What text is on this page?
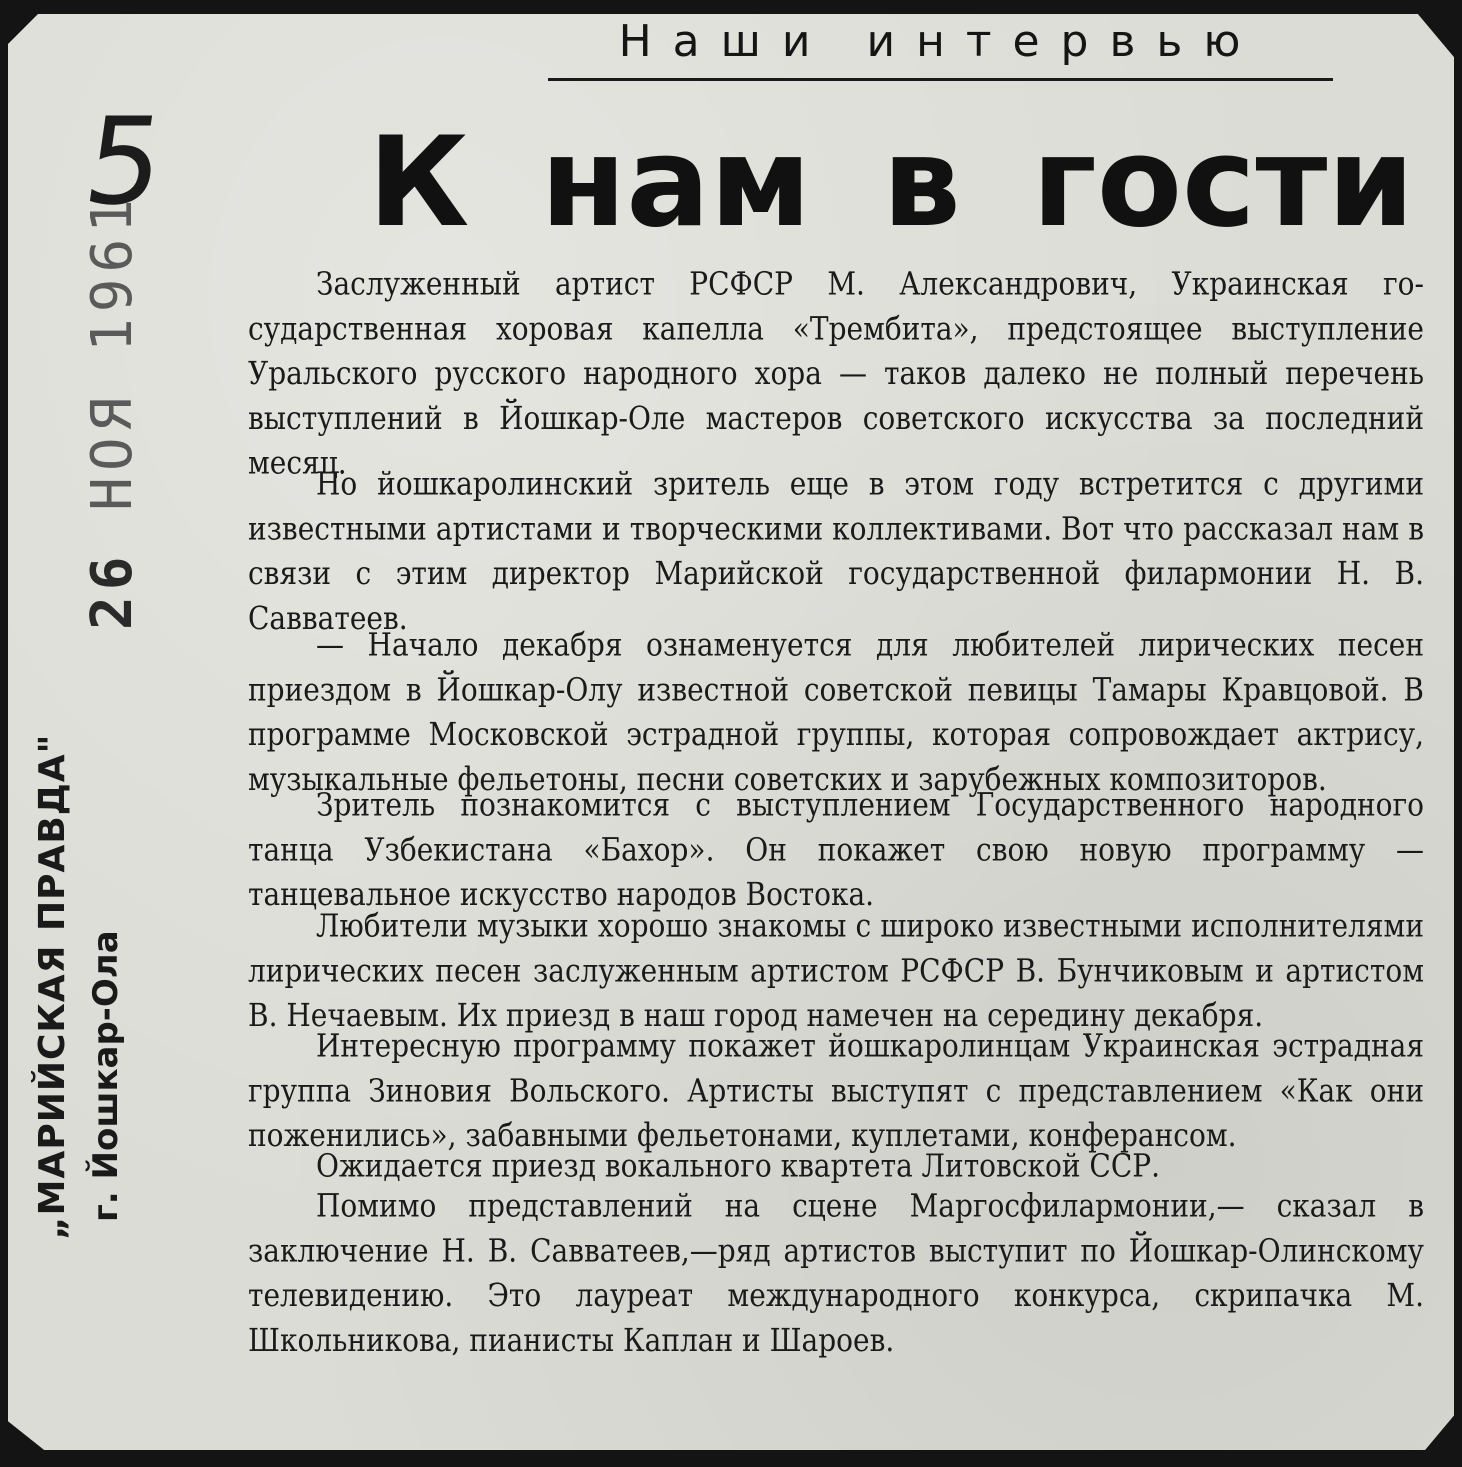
Наши интервью
5 К нам в гости
„МАРИЙСКАЯ ПРАВДА" г. Йошкар-Ола
26 НОЯ 1961	Заслуженный артист РСФСР М. Александрович, Украинская государственная хоровая капелла «Трембита», предстоящее выступление Уральского русского народного хора — таков далеко не полный перечень выступлений в Йошкар-Оле мастеров советского искусства за последний месяц.

Но йошкаролинский зритель еще в этом году встретится с другими известными артистами и творческими коллективами. Вот что рассказал нам в связи с этим директор Марийской государственной филармонии Н. В. Савватеев.

— Начало декабря ознаменуется для любителей лирических песен приездом в Йошкар-Олу известной советской певицы Тамары Кравцовой. В программе Московской эстрадной группы, которая сопровождает актрису, музыкальные фельетоны, песни советских и зарубежных композиторов.

Зритель познакомится с выступлением Государственного народного танца Узбекистана «Бахор». Он покажет свою новую программу — танцевальное искусство народов Востока.

Любители музыки хорошо знакомы с широко известными исполнителями лирических песен заслуженным артистом РСФСР В. Бунчиковым и артистом В. Нечаевым. Их приезд в наш город намечен на середину декабря.

Интересную программу покажет йошкаролинцам Украинская эстрадная группа Зиновия Вольского. Артисты выступят с представлением «Как они поженились», забавными фельетонами, куплетами, конферансом.

Ожидается приезд вокального квартета Литовской ССР.

Помимо представлений на сцене Маргосфилармонии,— сказал в заключение Н. В. Савватеев,—ряд артистов выступит по Йошкар-Олинскому телевидению. Это лауреат международного конкурса, скрипачка М. Школьникова, пианисты Каплан и Шароев.
